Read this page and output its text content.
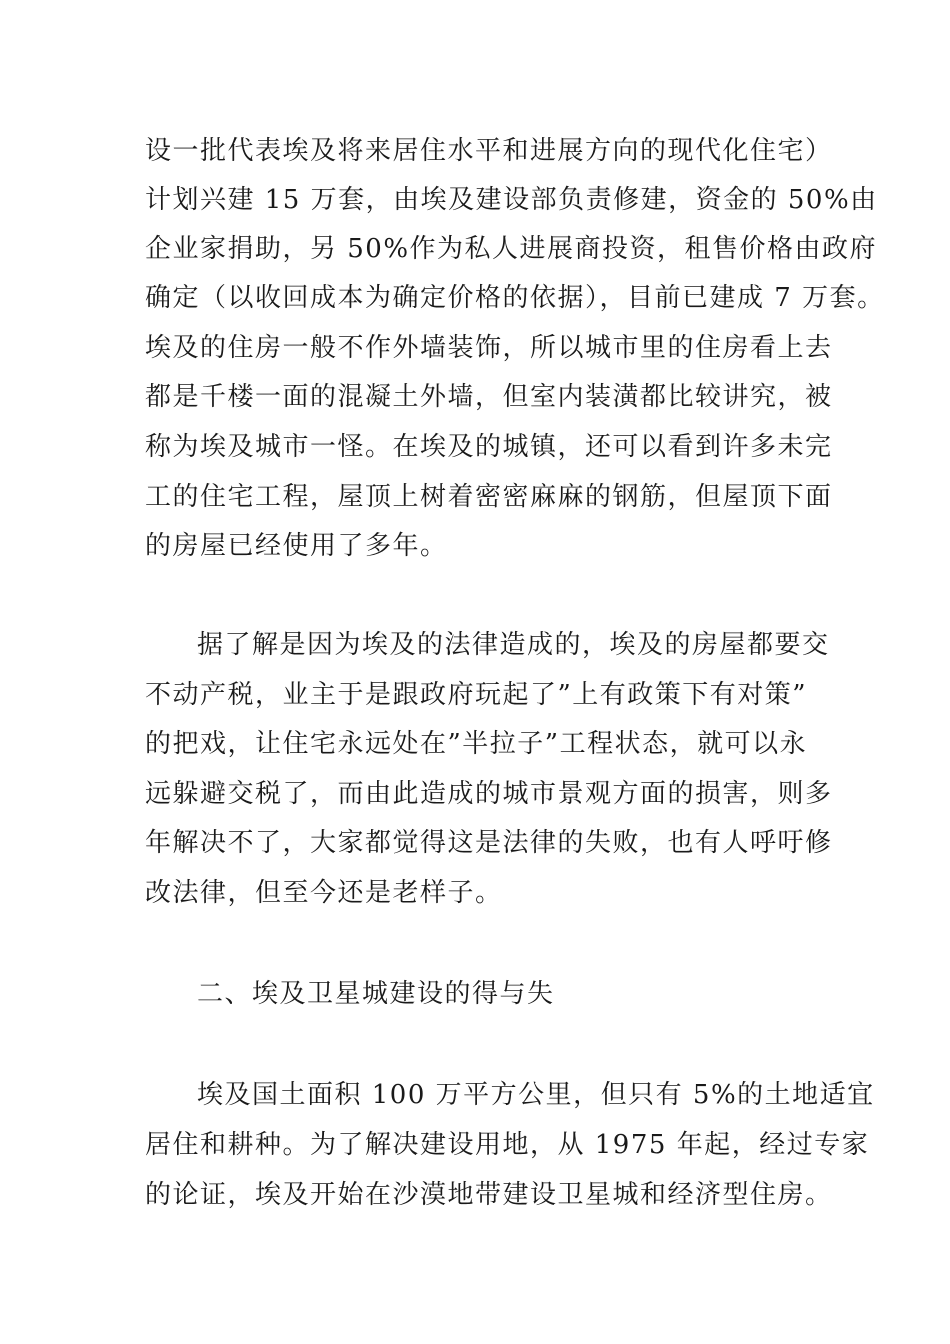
设一批代表埃及将来居住水平和进展方向的现代化住宅）
计划兴建 15 万套，由埃及建设部负责修建，资金的 50%由
企业家捐助，另 50%作为私人进展商投资，租售价格由政府
确定（以收回成本为确定价格的依据），目前已建成 7 万套。
埃及的住房一般不作外墙装饰，所以城市里的住房看上去
都是千楼一面的混凝土外墙，但室内装潢都比较讲究，被
称为埃及城市一怪。在埃及的城镇，还可以看到许多未完
工的住宅工程，屋顶上树着密密麻麻的钢筋，但屋顶下面
的房屋已经使用了多年。
据了解是因为埃及的法律造成的，埃及的房屋都要交
不动产税，业主于是跟政府玩起了”上有政策下有对策”
的把戏，让住宅永远处在”半拉子”工程状态，就可以永
远躲避交税了，而由此造成的城市景观方面的损害，则多
年解决不了，大家都觉得这是法律的失败，也有人呼吁修
改法律，但至今还是老样子。
二、埃及卫星城建设的得与失
埃及国土面积 100 万平方公里，但只有 5%的土地适宜
居住和耕种。为了解决建设用地，从 1975 年起，经过专家
的论证，埃及开始在沙漠地带建设卫星城和经济型住房。
